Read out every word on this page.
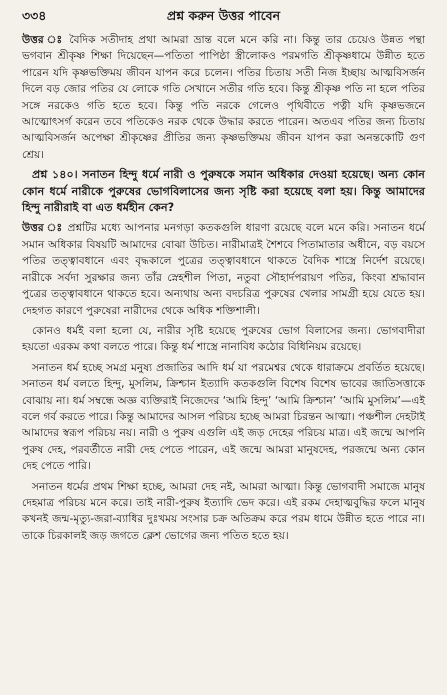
৩৩৪	প্রশ্ন করুন উত্তর পাবেন

উত্তর ঃ বৈদিক সতীদাহ প্রথা আমরা ভ্রান্ত বলে মনে করি না। কিন্তু তার চেয়েও উন্নত পন্থা ভগবান শ্রীকৃষ্ণ শিক্ষা দিয়েছেন—পতিতা পাপিষ্ঠা স্ত্রীলোকও পরমগতি শ্রীকৃষ্ণধামে উন্নীত হতে পারেন যদি কৃষ্ণভক্তিময় জীবন যাপন করে চলেন। পতির চিতায় সতী নিজ ইচ্ছায় আত্মবিসর্জন দিলে বড় জোর পতির যে লোকে গতি সেখানে সতীর গতি হবে। কিন্তু শ্রীকৃষ্ণ পতি না হলে পতির সঙ্গে নরকেও গতি হতে হবে। কিন্তু পতি নরকে গেলেও পৃথিবীতে পত্নী যদি কৃষ্ণভজনে আত্মোৎসর্গ করেন তবে পতিকেও নরক থেকে উদ্ধার করতে পারেন। অতএব পতির জন্য চিতায় আত্মবিসর্জন অপেক্ষা শ্রীকৃষ্ণের প্রীতির জন্য কৃষ্ণভক্তিময় জীবন যাপন করা অনন্তকোটি গুণ শ্রেয়।

প্রশ্ন ১৪০। সনাতন হিন্দু ধর্মে নারী ও পুরুষকে সমান অধিকার দেওয়া হয়েছে। অন্য কোন কোন ধর্মে নারীকে পুরুষের ভোগবিলাসের জন্য সৃষ্টি করা হয়েছে বলা হয়। কিন্তু আমাদের হিন্দু নারীরাই বা এত ধর্মহীন কেন?

উত্তর ঃ প্রশ্নটির মধ্যে আপনার মনগড়া কতকগুলি ধারণা রয়েছে বলে মনে করি। সনাতন ধর্মে সমান অধিকার বিষয়টি আমাদের বোঝা উচিত। নারীমাত্রই শৈশবে পিতামাতার অধীনে, বড় বয়সে পতির তত্ত্বাবধানে এবং বৃদ্ধকালে পুত্রের তত্ত্বাবধানে থাকতে বৈদিক শাস্ত্রে নির্দেশ রয়েছে। নারীকে সর্বদা সুরক্ষার জন্য তাঁর স্নেহশীল পিতা, নতুবা সৌহার্দপরায়ণ পতির, কিংবা শ্রদ্ধাবান পুত্রের তত্ত্বাবধানে থাকতে হবে। অন্যথায় অন্য বদচরিত্র পুরুষের খেলার সামগ্রী হয়ে যেতে হয়। দেহগত কারণে পুরুষেরা নারীদের থেকে অধিক শক্তিশালী।

কোনও ধর্মই বলা হলো যে, নারীর সৃষ্টি হয়েছে পুরুষের ভোগ বিলাসের জন্য। ভোগবাদীরা হয়তো এরকম কথা বলতে পারে। কিন্তু ধর্ম শাস্ত্রে নানাবিধ কঠোর বিধিনিয়ম রয়েছে।

সনাতন ধর্ম হচ্ছে সমগ্র মনুষ্য প্রজাতির আদি ধর্ম যা পরমেশ্বর থেকে ধারাক্রমে প্রবর্তিত হয়েছে। সনাতন ধর্ম বলতে হিন্দু, মুসলিম, ক্রিশ্চান ইত্যাদি কতকগুলি বিশেষ বিশেষ ভাবের জাতিসত্তাকে বোঝায় না। ধর্ম সম্বন্ধে অজ্ঞ ব্যক্তিরাই নিজেদের ‘আমি হিন্দু’ ‘আমি ক্রিশ্চান’ ‘আমি মুসলিম’—এই বলে গর্ব করতে পারে। কিন্তু আমাদের আসল পরিচয় হচ্ছে আমরা চিরন্তন আত্মা। পঞ্চশীল দেহটাই আমাদের স্বরূপ পরিচয় নয়। নারী ও পুরুষ এগুলি এই জড় দেহের পরিচয় মাত্র। এই জন্মে আপনি পুরুষ দেহ, পরবর্তীতে নারী দেহ পেতে পারেন, এই জন্মে আমরা মানুষদেহ, পরজন্মে অন্য কোন দেহ পেতে পারি।

সনাতন ধর্মের প্রথম শিক্ষা হচ্ছে, আমরা দেহ নই, আমরা আত্মা। কিন্তু ভোগবাদী সমাজে মানুষ দেহমাত্র পরিচয় মনে করে। তাই নারী-পুরুষ ইত্যাদি ভেদ করে। এই রকম দেহাত্মবুদ্ধির ফলে মানুষ কখনই জন্ম-মৃত্যু-জরা-ব্যাধির দুঃখময় সংসার চক্র অতিক্রম করে পরম ধামে উন্নীত হতে পারে না। তাকে চিরকালই জড় জগতে ক্লেশ ভোগের জন্য পতিত হতে হয়।
